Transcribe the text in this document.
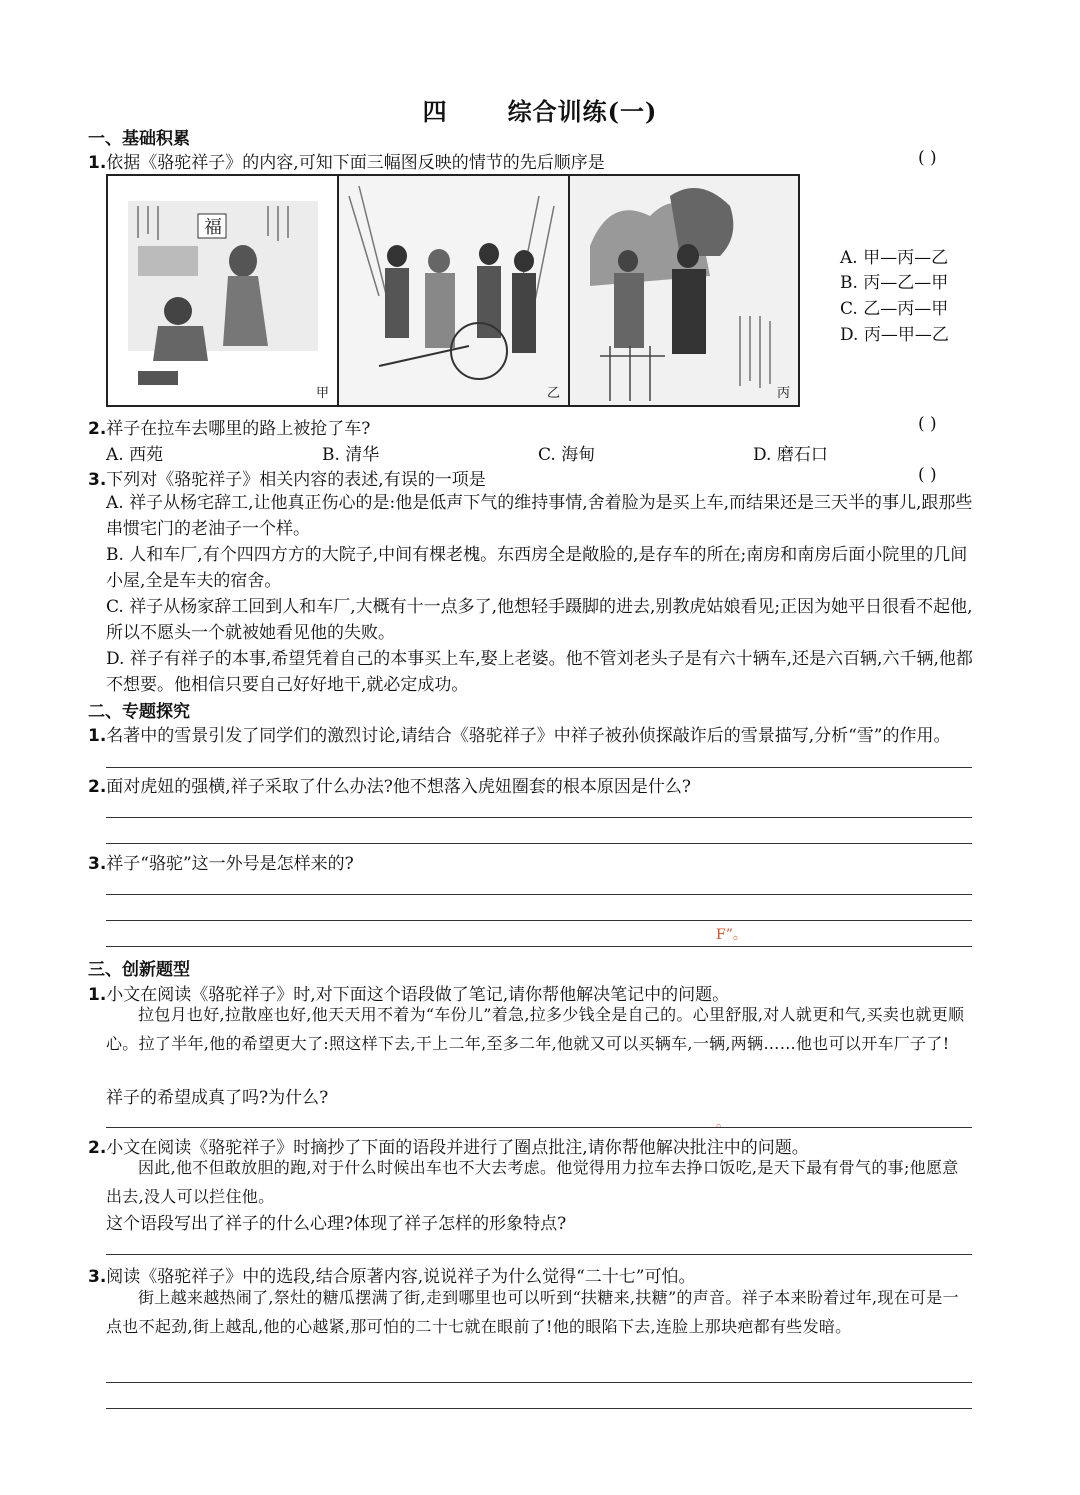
四	综合训练(一)
一、基础积累
1.依据《骆驼祥子》的内容,可知下面三幅图反映的情节的先后顺序是	( )
福
甲	乙	丙
A. 甲—丙—乙
B. 丙—乙—甲
C. 乙—丙—甲
D. 丙—甲—乙
2.祥子在拉车去哪里的路上被抢了车?	( )
A. 西苑	B. 清华	C. 海甸	D. 磨石口
3.下列对《骆驼祥子》相关内容的表述,有误的一项是	( )
A. 祥子从杨宅辞工,让他真正伤心的是:他是低声下气的维持事情,舍着脸为是买上车,而结果还是三天半的事儿,跟那些串惯宅门的老油子一个样。
B. 人和车厂,有个四四方方的大院子,中间有棵老槐。东西房全是敞脸的,是存车的所在;南房和南房后面小院里的几间小屋,全是车夫的宿舍。
C. 祥子从杨家辞工回到人和车厂,大概有十一点多了,他想轻手蹑脚的进去,别教虎姑娘看见;正因为她平日很看不起他,所以不愿头一个就被她看见他的失败。
D. 祥子有祥子的本事,希望凭着自己的本事买上车,娶上老婆。他不管刘老头子是有六十辆车,还是六百辆,六千辆,他都不想要。他相信只要自己好好地干,就必定成功。
二、专题探究
1.名著中的雪景引发了同学们的激烈讨论,请结合《骆驼祥子》中祥子被孙侦探敲诈后的雪景描写,分析“雪”的作用。
2.面对虎妞的强横,祥子采取了什么办法?他不想落入虎妞圈套的根本原因是什么?
3.祥子“骆驼”这一外号是怎样来的?
F”。
三、创新题型
1.小文在阅读《骆驼祥子》时,对下面这个语段做了笔记,请你帮他解决笔记中的问题。
拉包月也好,拉散座也好,他天天用不着为“车份儿”着急,拉多少钱全是自己的。心里舒服,对人就更和气,买卖也就更顺心。拉了半年,他的希望更大了:照这样下去,干上二年,至多二年,他就又可以买辆车,一辆,两辆……他也可以开车厂子了!
祥子的希望成真了吗?为什么?
。
2.小文在阅读《骆驼祥子》时摘抄了下面的语段并进行了圈点批注,请你帮他解决批注中的问题。
因此,他不但敢放胆的跑,对于什么时候出车也不大去考虑。他觉得用力拉车去挣口饭吃,是天下最有骨气的事;他愿意出去,没人可以拦住他。
这个语段写出了祥子的什么心理?体现了祥子怎样的形象特点?
3.阅读《骆驼祥子》中的选段,结合原著内容,说说祥子为什么觉得“二十七”可怕。
街上越来越热闹了,祭灶的糖瓜摆满了街,走到哪里也可以听到“扶糖来,扶糖”的声音。祥子本来盼着过年,现在可是一点也不起劲,街上越乱,他的心越紧,那可怕的二十七就在眼前了!他的眼陷下去,连脸上那块疤都有些发暗。
